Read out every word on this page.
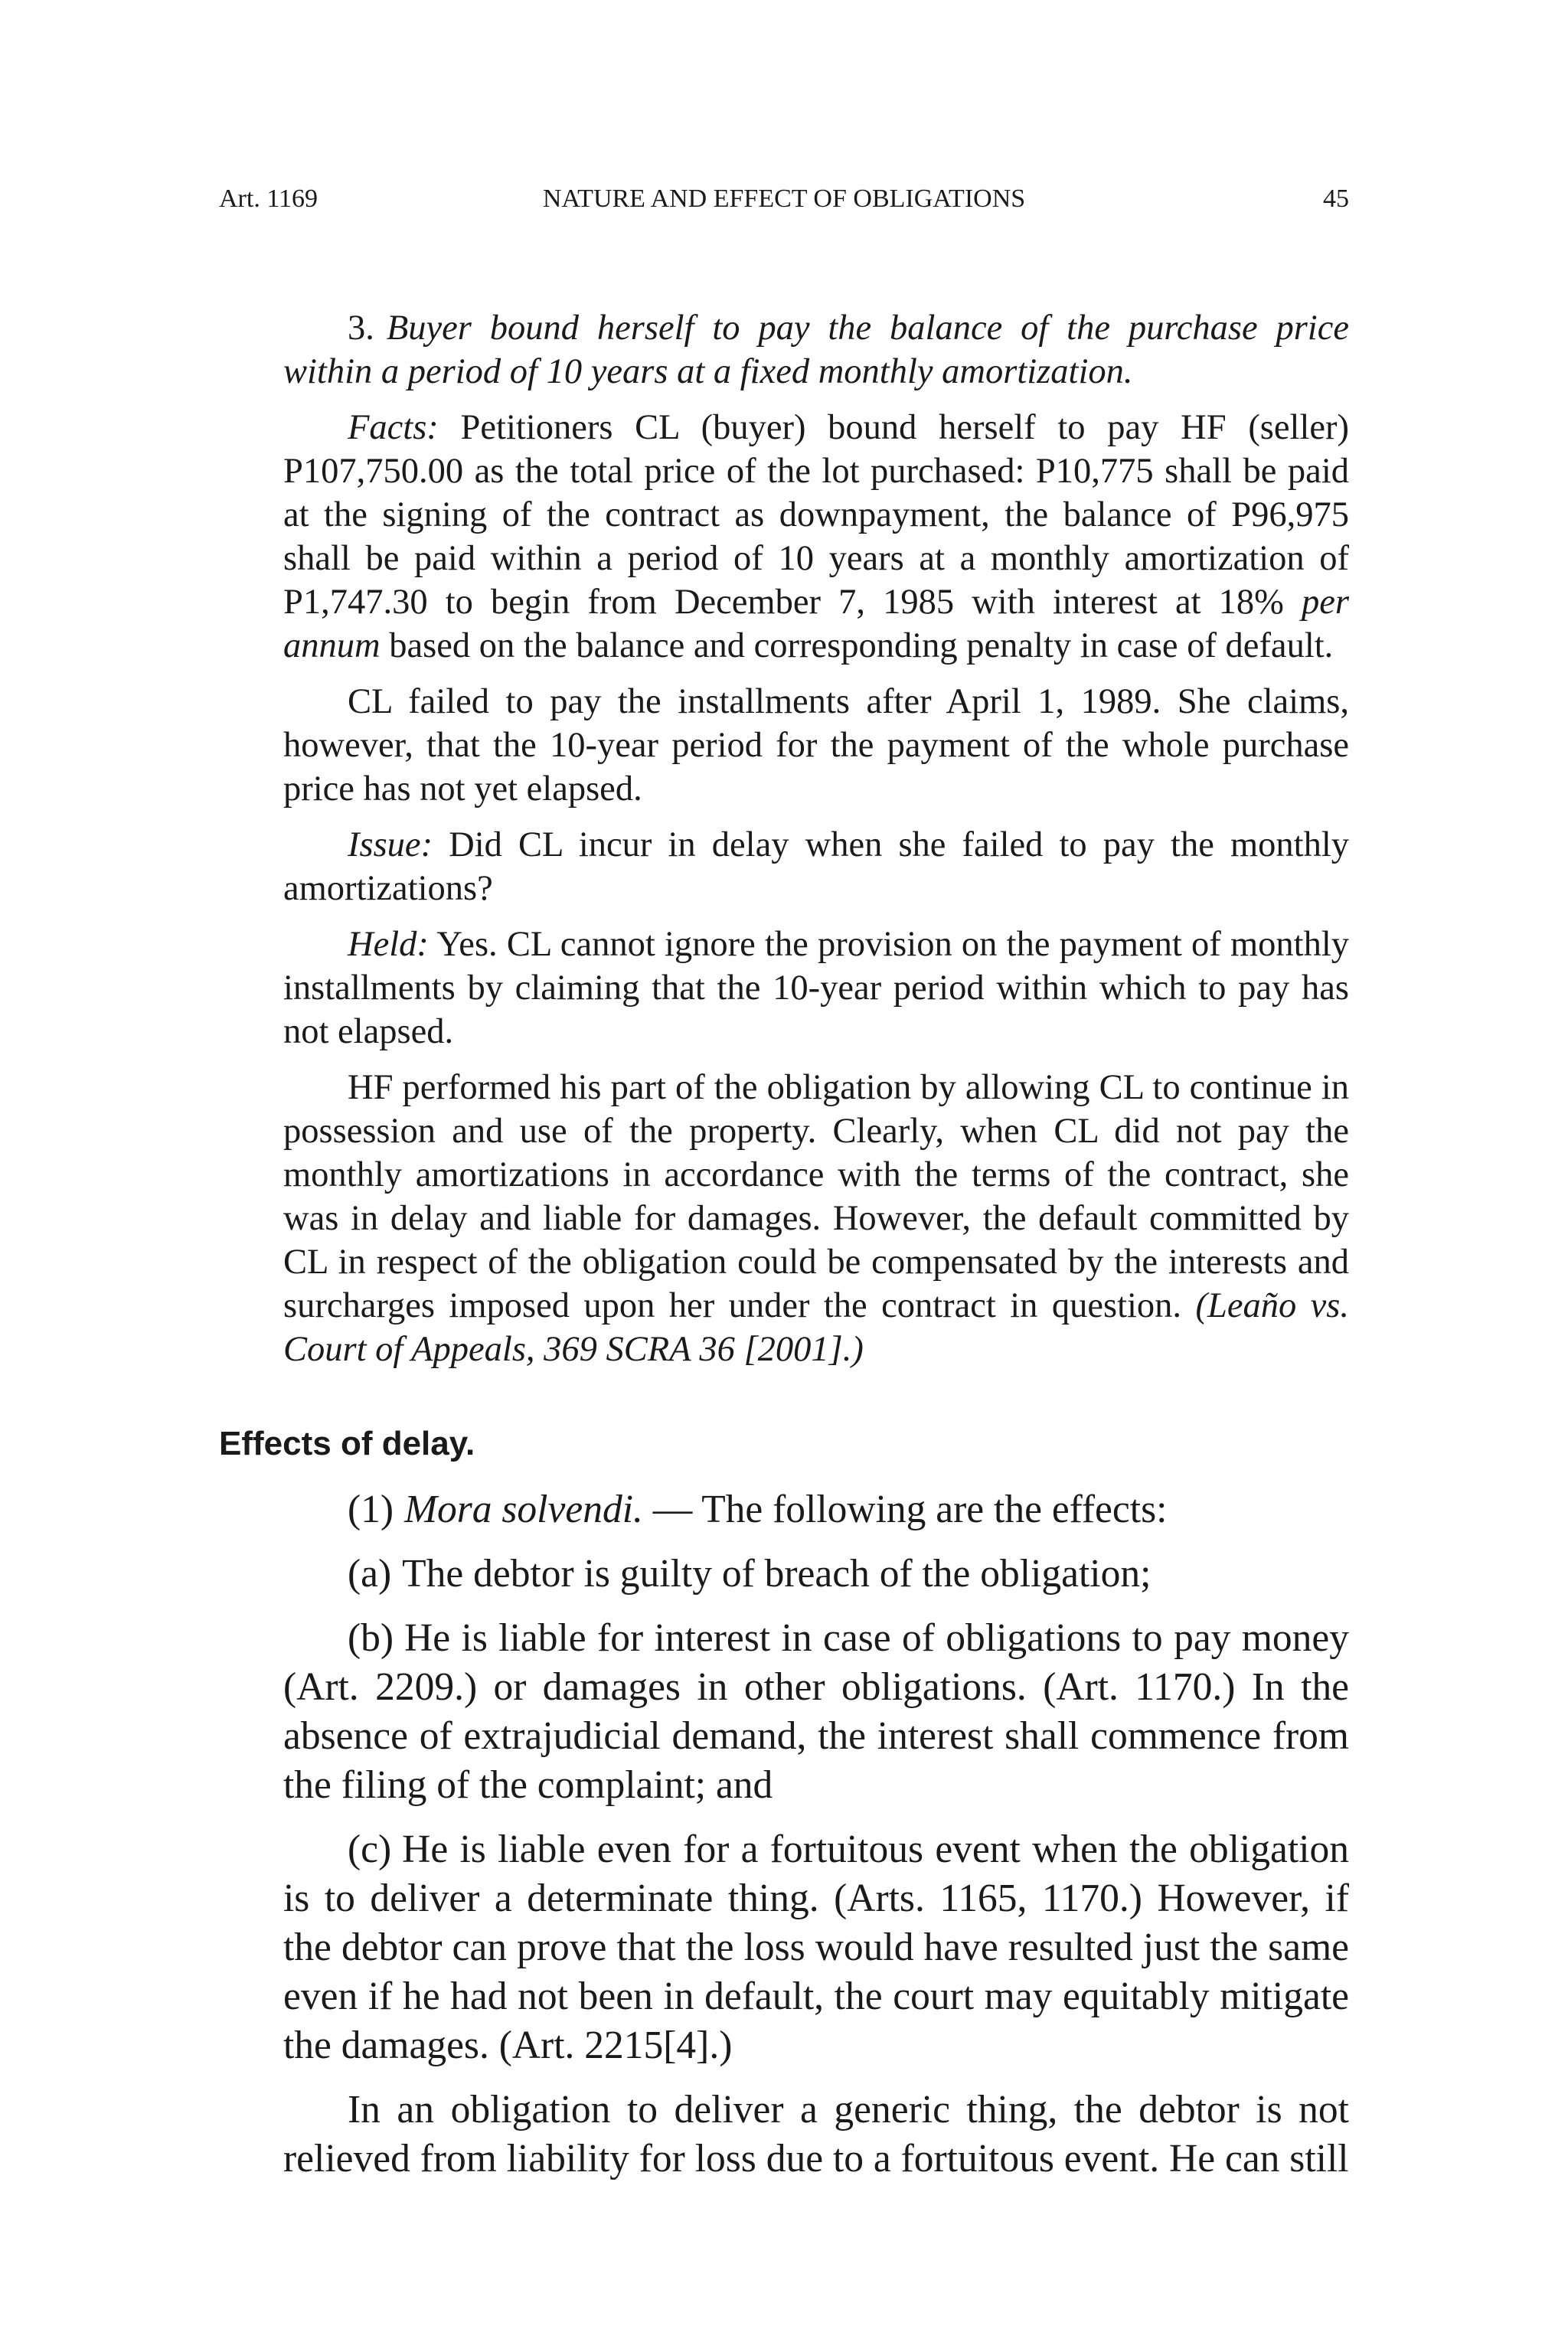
Art. 1169	NATURE AND EFFECT OF OBLIGATIONS	45

3. Buyer bound herself to pay the balance of the purchase price within a period of 10 years at a fixed monthly amortization.

Facts: Petitioners CL (buyer) bound herself to pay HF (seller) P107,750.00 as the total price of the lot purchased: P10,775 shall be paid at the signing of the contract as downpayment, the balance of P96,975 shall be paid within a period of 10 years at a monthly amortization of P1,747.30 to begin from December 7, 1985 with interest at 18% per annum based on the balance and corresponding penalty in case of default.

CL failed to pay the installments after April 1, 1989. She claims, however, that the 10-year period for the payment of the whole purchase price has not yet elapsed.

Issue: Did CL incur in delay when she failed to pay the monthly amortizations?

Held: Yes. CL cannot ignore the provision on the payment of monthly installments by claiming that the 10-year period within which to pay has not elapsed.

HF performed his part of the obligation by allowing CL to continue in possession and use of the property. Clearly, when CL did not pay the monthly amortizations in accordance with the terms of the contract, she was in delay and liable for damages. However, the default committed by CL in respect of the obligation could be compensated by the interests and surcharges imposed upon her under the contract in question. (Leaño vs. Court of Appeals, 369 SCRA 36 [2001].)

Effects of delay.

(1) Mora solvendi. — The following are the effects:

(a) The debtor is guilty of breach of the obligation;

(b) He is liable for interest in case of obligations to pay money (Art. 2209.) or damages in other obligations. (Art. 1170.) In the absence of extrajudicial demand, the interest shall commence from the filing of the complaint; and

(c) He is liable even for a fortuitous event when the obligation is to deliver a determinate thing. (Arts. 1165, 1170.) However, if the debtor can prove that the loss would have resulted just the same even if he had not been in default, the court may equitably mitigate the damages. (Art. 2215[4].)

In an obligation to deliver a generic thing, the debtor is not relieved from liability for loss due to a fortuitous event. He can still
